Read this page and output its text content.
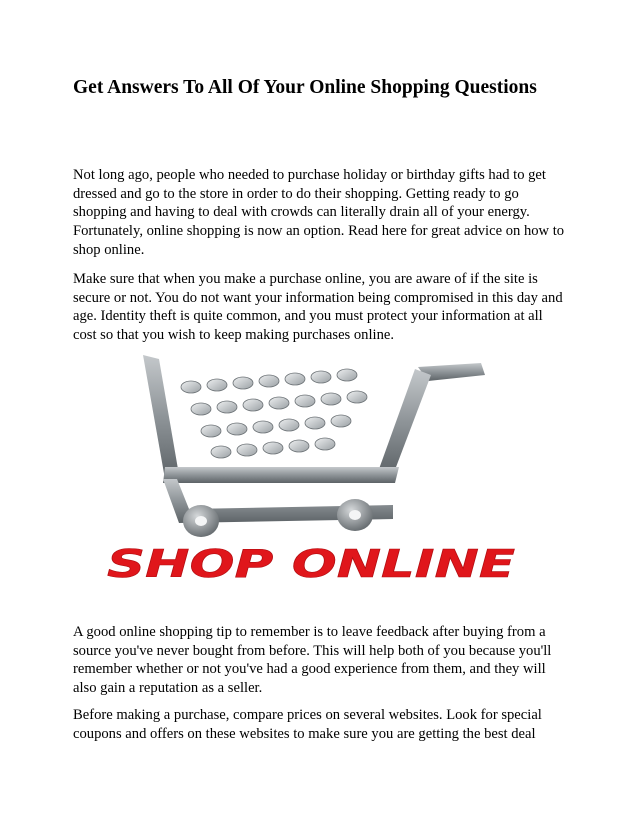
Get Answers To All Of Your Online Shopping Questions

Not long ago, people who needed to purchase holiday or birthday gifts had to get dressed and go to the store in order to do their shopping. Getting ready to go shopping and having to deal with crowds can literally drain all of your energy. Fortunately, online shopping is now an option. Read here for great advice on how to shop online.

Make sure that when you make a purchase online, you are aware of if the site is secure or not. You do not want your information being compromised in this day and age. Identity theft is quite common, and you must protect your information at all cost so that you wish to keep making purchases online.

SHOP ONLINE

A good online shopping tip to remember is to leave feedback after buying from a source you've never bought from before. This will help both of you because you'll remember whether or not you've had a good experience from them, and they will also gain a reputation as a seller.

Before making a purchase, compare prices on several websites. Look for special coupons and offers on these websites to make sure you are getting the best deal
